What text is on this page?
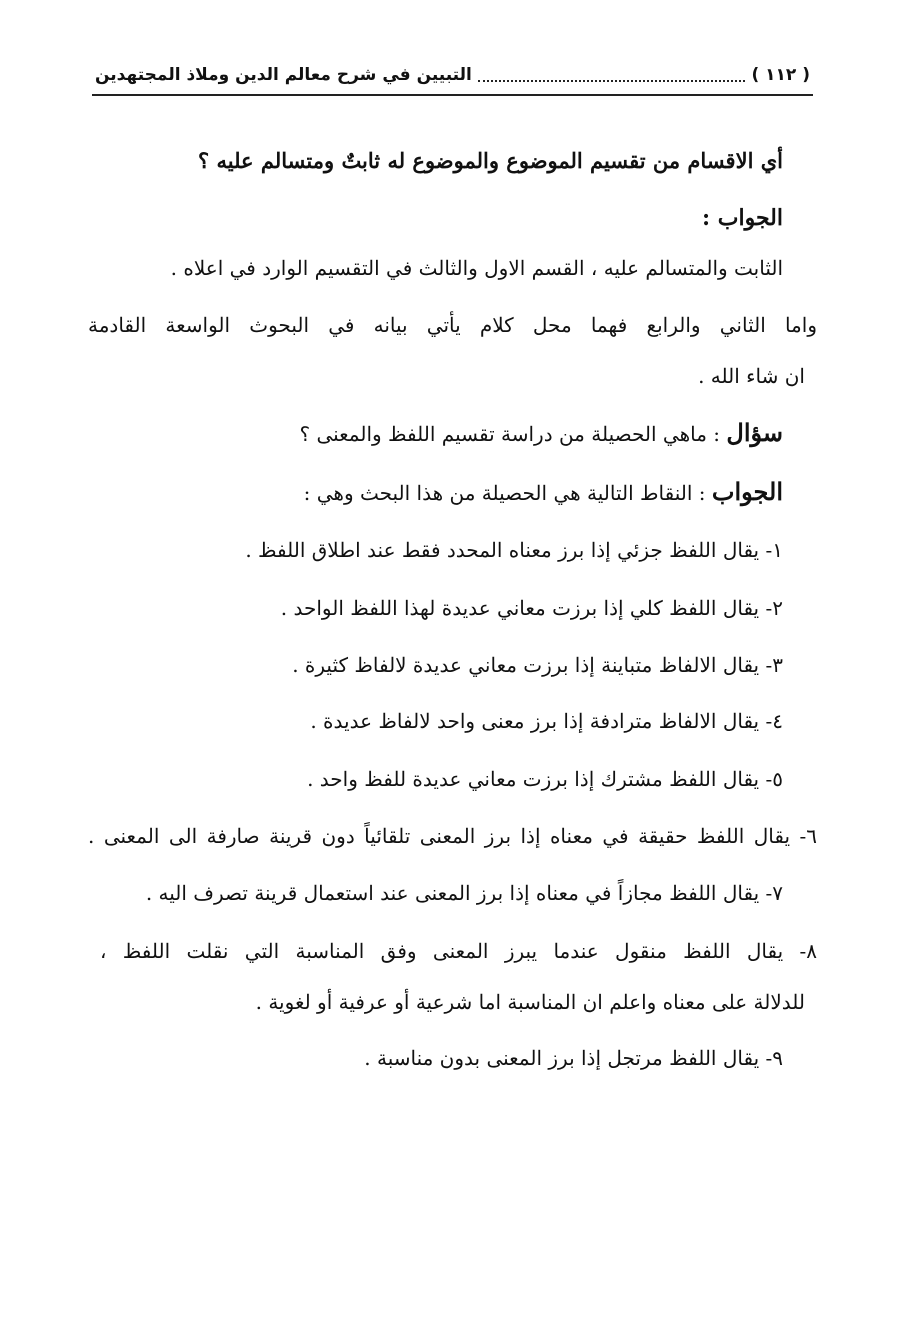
( ١١٢ )
التبيين في شرح معالم الدين وملاذ المجتهدين
أي الاقسام من تقسيم الموضوع والموضوع له ثابتٌ ومتسالم عليه ؟
الجواب :
الثابت والمتسالم عليه ، القسم الاول والثالث في التقسيم الوارد في اعلاه .
واما الثاني والرابع فهما محل كلام يأتي بيانه في البحوث الواسعة القادمة
ان شاء الله .
سؤال : ماهي الحصيلة من دراسة تقسيم اللفظ والمعنى ؟
الجواب : النقاط التالية هي الحصيلة من هذا البحث وهي :
١- يقال اللفظ جزئي إذا برز معناه المحدد فقط عند اطلاق اللفظ .
٢- يقال اللفظ كلي إذا برزت معاني عديدة لهذا اللفظ الواحد .
٣- يقال الالفاظ متباينة إذا برزت معاني عديدة لالفاظ كثيرة .
٤- يقال الالفاظ مترادفة إذا برز معنى واحد لالفاظ عديدة .
٥- يقال اللفظ مشترك إذا برزت معاني عديدة للفظ واحد .
٦- يقال اللفظ حقيقة في معناه إذا برز المعنى تلقائياً دون قرينة صارفة الى المعنى .
٧- يقال اللفظ مجازاً في معناه إذا برز المعنى عند استعمال قرينة تصرف اليه .
٨- يقال اللفظ منقول عندما يبرز المعنى وفق المناسبة التي نقلت اللفظ ،
للدلالة على معناه واعلم ان المناسبة اما شرعية أو عرفية أو لغوية .
٩- يقال اللفظ مرتجل إذا برز المعنى بدون مناسبة .
